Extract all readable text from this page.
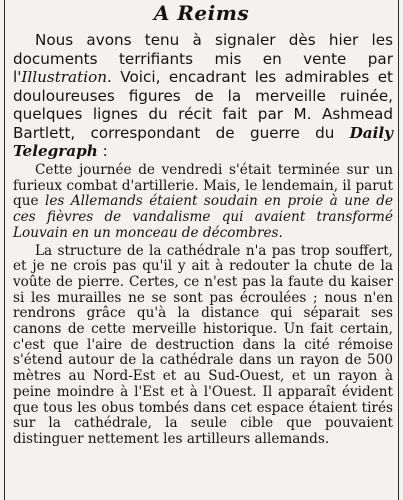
A Reims
Nous avons tenu à signaler dès hier les documents terrifiants mis en vente par l'Illustration. Voici, encadrant les admirables et douloureuses figures de la merveille ruinée, quelques lignes du récit fait par M. Ashmead Bartlett, correspondant de guerre du Daily Telegraph :

Cette journée de vendredi s'était terminée sur un furieux combat d'artillerie. Mais, le lendemain, il parut que les Allemands étaient soudain en proie à une de ces fièvres de vandalisme qui avaient transformé Louvain en un monceau de décombres.

La structure de la cathédrale n'a pas trop souffert, et je ne crois pas qu'il y ait à redouter la chute de la voûte de pierre. Certes, ce n'est pas la faute du kaiser si les murailles ne se sont pas écroulées ; nous n'en rendrons grâce qu'à la distance qui séparait ses canons de cette merveille historique. Un fait certain, c'est que l'aire de destruction dans la cité rémoise s'étend autour de la cathédrale dans un rayon de 500 mètres au Nord-Est et au Sud-Ouest, et un rayon à peine moindre à l'Est et à l'Ouest. Il apparaît évident que tous les obus tombés dans cet espace étaient tirés sur la cathédrale, la seule cible que pouvaient distinguer nettement les artilleurs allemands.
